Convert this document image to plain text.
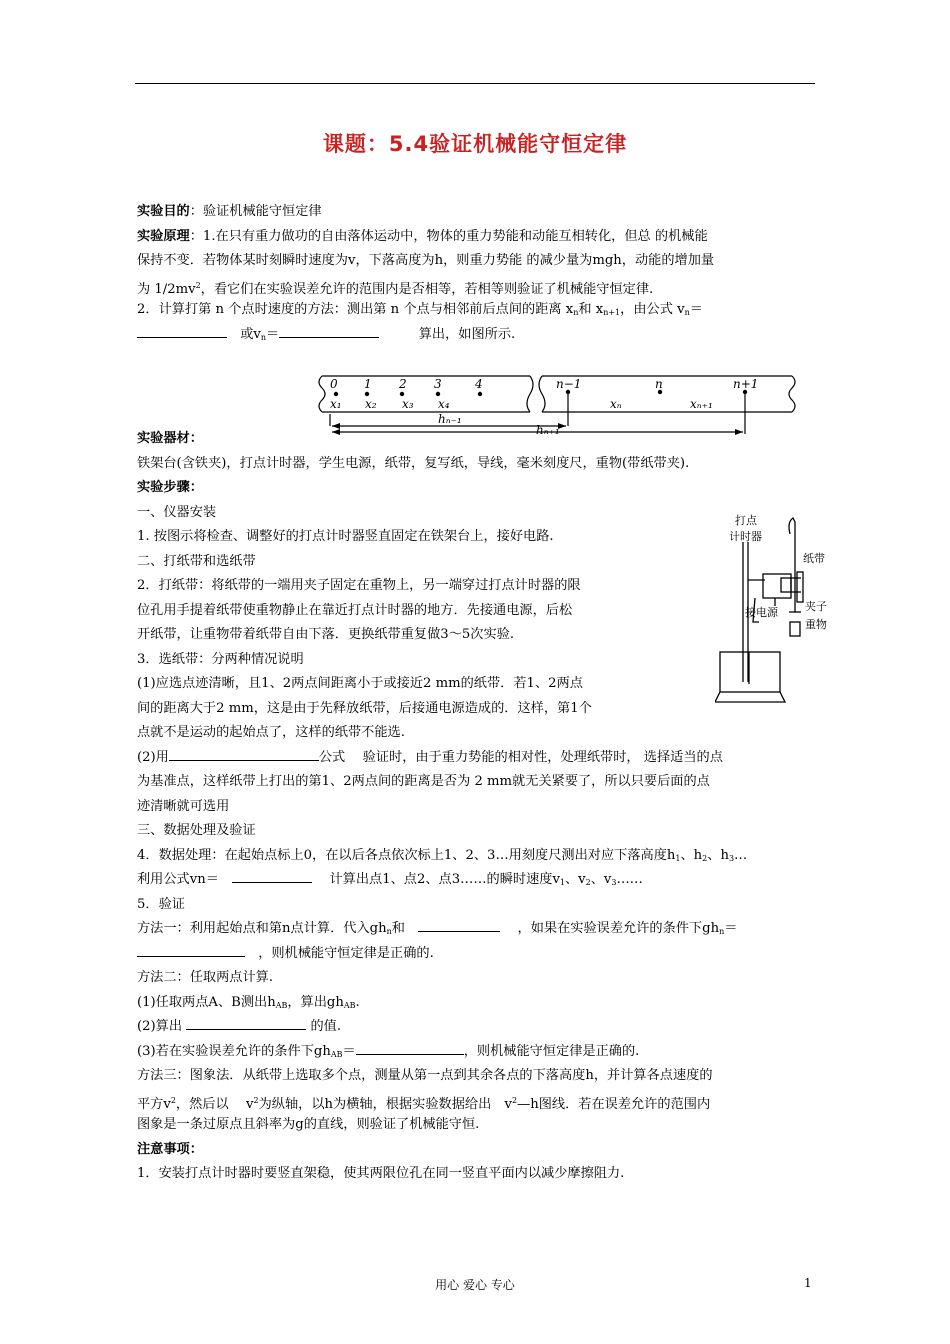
课题：5.4验证机械能守恒定律
实验目的：验证机械能守恒定律
实验原理：1.在只有重力做功的自由落体运动中，物体的重力势能和动能互相转化，但总 的机械能
保持不变．若物体某时刻瞬时速度为v，下落高度为h，则重力势能 的减少量为mgh，动能的增加量
为 $1/2mv^2$，看它们在实验误差允许的范围内是否相等，若相等则验证了机械能守恒定律.
2．计算打第 n 个点时速度的方法：测出第 n 个点与相邻前后点间的距离 $x_n$和 $x_{n+1}$，由公式 $v_n=$
　或$v_n=$　　　	算出，如图所示.
实验器材：
铁架台(含铁夹)，打点计时器，学生电源，纸带，复写纸，导线，毫米刻度尺，重物(带纸带夹).
实验步骤：
一、仪器安装
1. 按图示将检查、调整好的打点计时器竖直固定在铁架台上，接好电路.
二、打纸带和选纸带
2．打纸带：将纸带的一端用夹子固定在重物上，另一端穿过打点计时器的限
位孔用手提着纸带使重物静止在靠近打点计时器的地方．先接通电源，后松
开纸带，让重物带着纸带自由下落．更换纸带重复做3～5次实验.
3．选纸带：分两种情况说明
(1)应选点迹清晰，且1、2两点间距离小于或接近2 mm的纸带．若1、2两点
间的距离大于2 mm，这是由于先释放纸带，后接通电源造成的．这样，第1个
点就不是运动的起始点了，这样的纸带不能选.
(2)用	公式　 验证时，由于重力势能的相对性，处理纸带时， 选择适当的点
为基准点，这样纸带上打出的第1、2两点间的距离是否为 2 mm就无关紧要了，所以只要后面的点
迹清晰就可选用
三、数据处理及验证
4．数据处理：在起始点标上0，在以后各点依次标上1、2、3…用刻度尺测出对应下落高度$h_1$、$h_2$、$h_3\dots$
利用公式vn＝　　	计算出点1、点2、点3……的瞬时速度$v_1$、$v_2$、$v_3\dots\dots$
5．验证
方法一：利用起始点和第n点计算．代入$gh_n$和　　	，如果在实验误差允许的条件下$gh_n=$
　，则机械能守恒定律是正确的.
方法二：任取两点计算.
(1)任取两点A、B测出$h_{AB}$，算出$gh_{AB}$.
(2)算出	的值.
(3)若在实验误差允许的条件下$gh_{AB}=$	，则机械能守恒定律是正确的.
方法三：图象法．从纸带上选取多个点，测量从第一点到其余各点的下落高度h，并计算各点速度的
平方$v^2$，然后以　 $v^2$为纵轴，以h为横轴，根据实验数据给出　$v^2—h$图线．若在误差允许的范围内
图象是一条过原点且斜率为g的直线，则验证了机械能守恒.
注意事项：
1．安装打点计时器时要竖直架稳，使其两限位孔在同一竖直平面内以减少摩擦阻力.
0 1 2 3	4
x₁ x₂ x₃ x₄
n−1	n	n+1
xₙ	xₙ₊₁
hₙ₋₁
hₙ₊₁
打点
计时器
纸带
接电源 夹子
重物
用心 爱心 专心	1
